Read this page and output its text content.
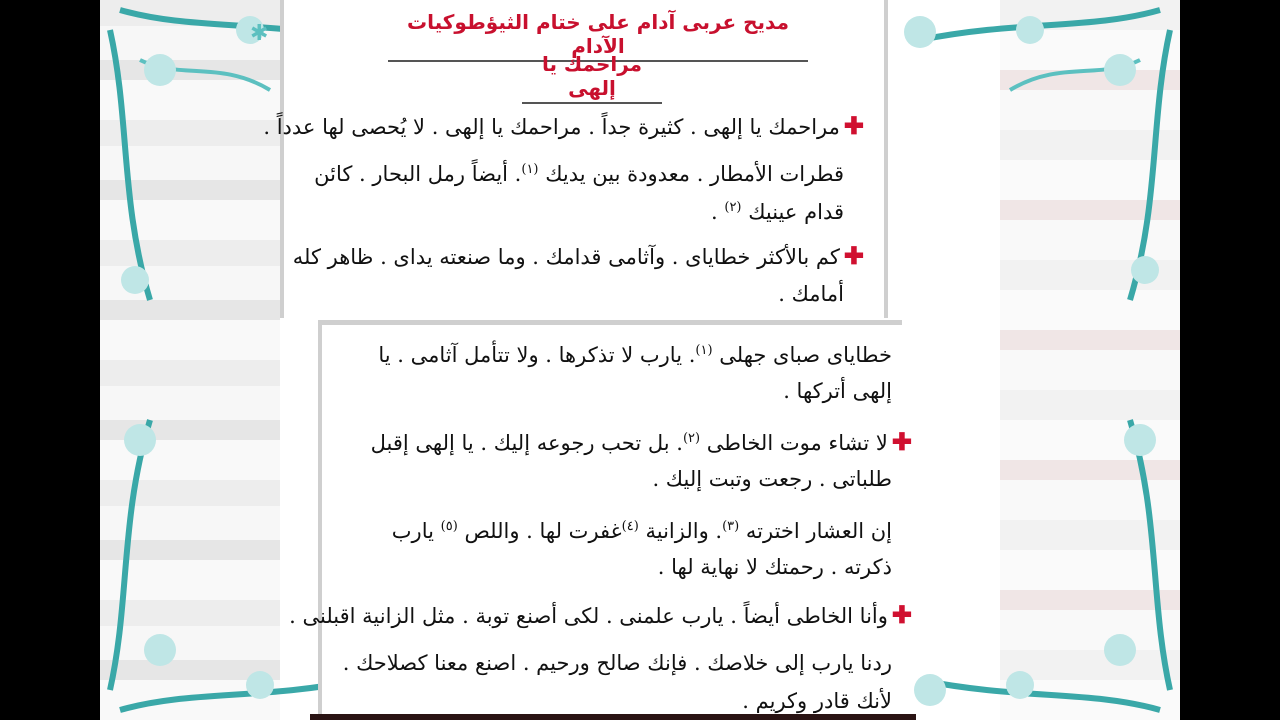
✱	مديح عربى آدام على ختام الثيؤطوكيات الآدام
مراحمك يا إلهى
✚مراحمك يا إلهى . كثيرة جداً . مراحمك يا إلهى . لا يُحصى لها عدداً .
قطرات الأمطار . معدودة بين يديك $^{(١)}$. أيضاً رمل البحار . كائن
قدام عينيك $^{(٢)}$ .
✚كم بالأكثر خطاياى . وآثامى قدامك . وما صنعته يداى . ظاهر كله
أمامك .
خطاياى صباى جهلى $^{(١)}$. يارب لا تذكرها . ولا تتأمل آثامى . يا
إلهى أتركها .
✚لا تشاء موت الخاطى $^{(٢)}$. بل تحب رجوعه إليك . يا إلهى إقبل
طلباتى . رجعت وتبت إليك .
إن العشار اخترته $^{(٣)}$. والزانية $^{(٤)}$غفرت لها . واللص $^{(٥)}$ يارب
ذكرته . رحمتك لا نهاية لها .
✚وأنا الخاطى أيضاً . يارب علمنى . لكى أصنع توبة . مثل الزانية اقبلنى .
ردنا يارب إلى خلاصك . فإنك صالح ورحيم . اصنع معنا كصلاحك .
لأنك قادر وكريم .
